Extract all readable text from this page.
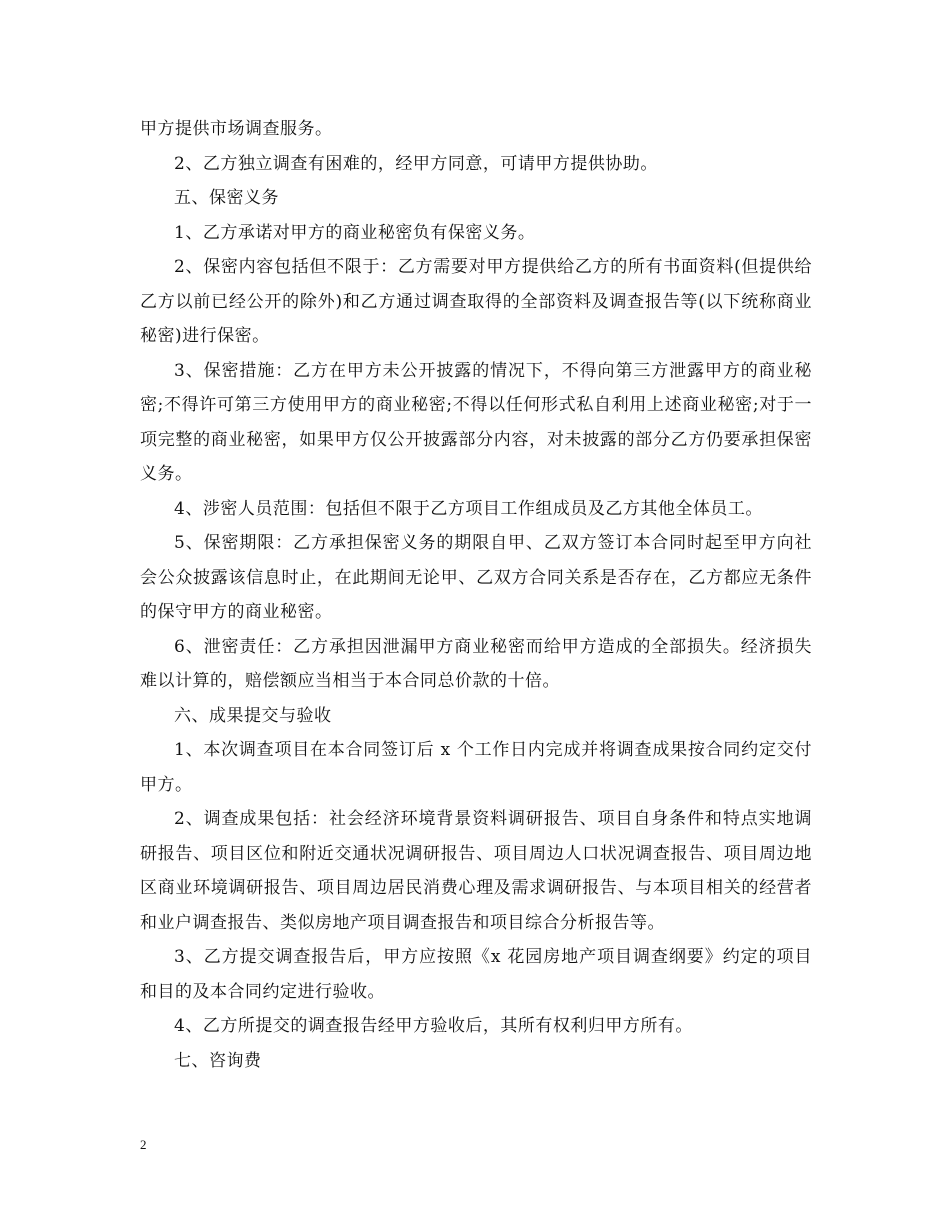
甲方提供市场调查服务。

2、乙方独立调查有困难的，经甲方同意，可请甲方提供协助。

五、保密义务

1、乙方承诺对甲方的商业秘密负有保密义务。

2、保密内容包括但不限于：乙方需要对甲方提供给乙方的所有书面资料(但提供给乙方以前已经公开的除外)和乙方通过调查取得的全部资料及调查报告等(以下统称商业秘密)进行保密。

3、保密措施：乙方在甲方未公开披露的情况下，不得向第三方泄露甲方的商业秘密;不得许可第三方使用甲方的商业秘密;不得以任何形式私自利用上述商业秘密;对于一项完整的商业秘密，如果甲方仅公开披露部分内容，对未披露的部分乙方仍要承担保密义务。

4、涉密人员范围：包括但不限于乙方项目工作组成员及乙方其他全体员工。

5、保密期限：乙方承担保密义务的期限自甲、乙双方签订本合同时起至甲方向社会公众披露该信息时止，在此期间无论甲、乙双方合同关系是否存在，乙方都应无条件的保守甲方的商业秘密。

6、泄密责任：乙方承担因泄漏甲方商业秘密而给甲方造成的全部损失。经济损失难以计算的，赔偿额应当相当于本合同总价款的十倍。

六、成果提交与验收

1、本次调查项目在本合同签订后 x 个工作日内完成并将调查成果按合同约定交付甲方。

2、调查成果包括：社会经济环境背景资料调研报告、项目自身条件和特点实地调研报告、项目区位和附近交通状况调研报告、项目周边人口状况调查报告、项目周边地区商业环境调研报告、项目周边居民消费心理及需求调研报告、与本项目相关的经营者和业户调查报告、类似房地产项目调查报告和项目综合分析报告等。

3、乙方提交调查报告后，甲方应按照《x 花园房地产项目调查纲要》约定的项目和目的及本合同约定进行验收。

4、乙方所提交的调查报告经甲方验收后，其所有权利归甲方所有。

七、咨询费

2
